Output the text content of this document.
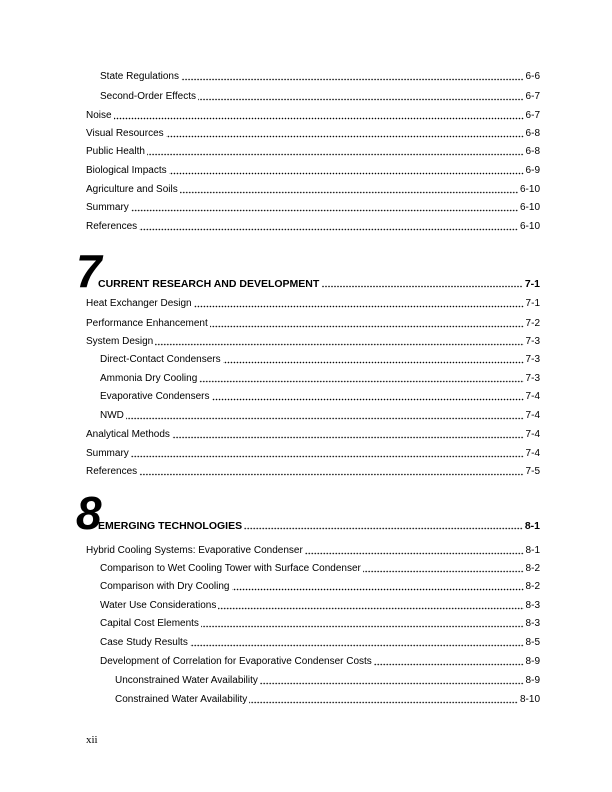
State Regulations	6-6
Second-Order Effects	6-7
Noise	6-7
Visual Resources	6-8
Public Health	6-8
Biological Impacts	6-9
Agriculture and Soils	6-10
Summary	6-10
References	6-10
7
CURRENT RESEARCH AND DEVELOPMENT	7-1
Heat Exchanger Design	7-1
Performance Enhancement	7-2
System Design	7-3
Direct-Contact Condensers	7-3
Ammonia Dry Cooling	7-3
Evaporative Condensers	7-4
NWD	7-4
Analytical Methods	7-4
Summary	7-4
References	7-5
8
EMERGING TECHNOLOGIES	8-1
Hybrid Cooling Systems: Evaporative Condenser	8-1
Comparison to Wet Cooling Tower with Surface Condenser	8-2
Comparison with Dry Cooling	8-2
Water Use Considerations	8-3
Capital Cost Elements	8-3
Case Study Results	8-5
Development of Correlation for Evaporative Condenser Costs	8-9
Unconstrained Water Availability	8-9
Constrained Water Availability	8-10
xii
